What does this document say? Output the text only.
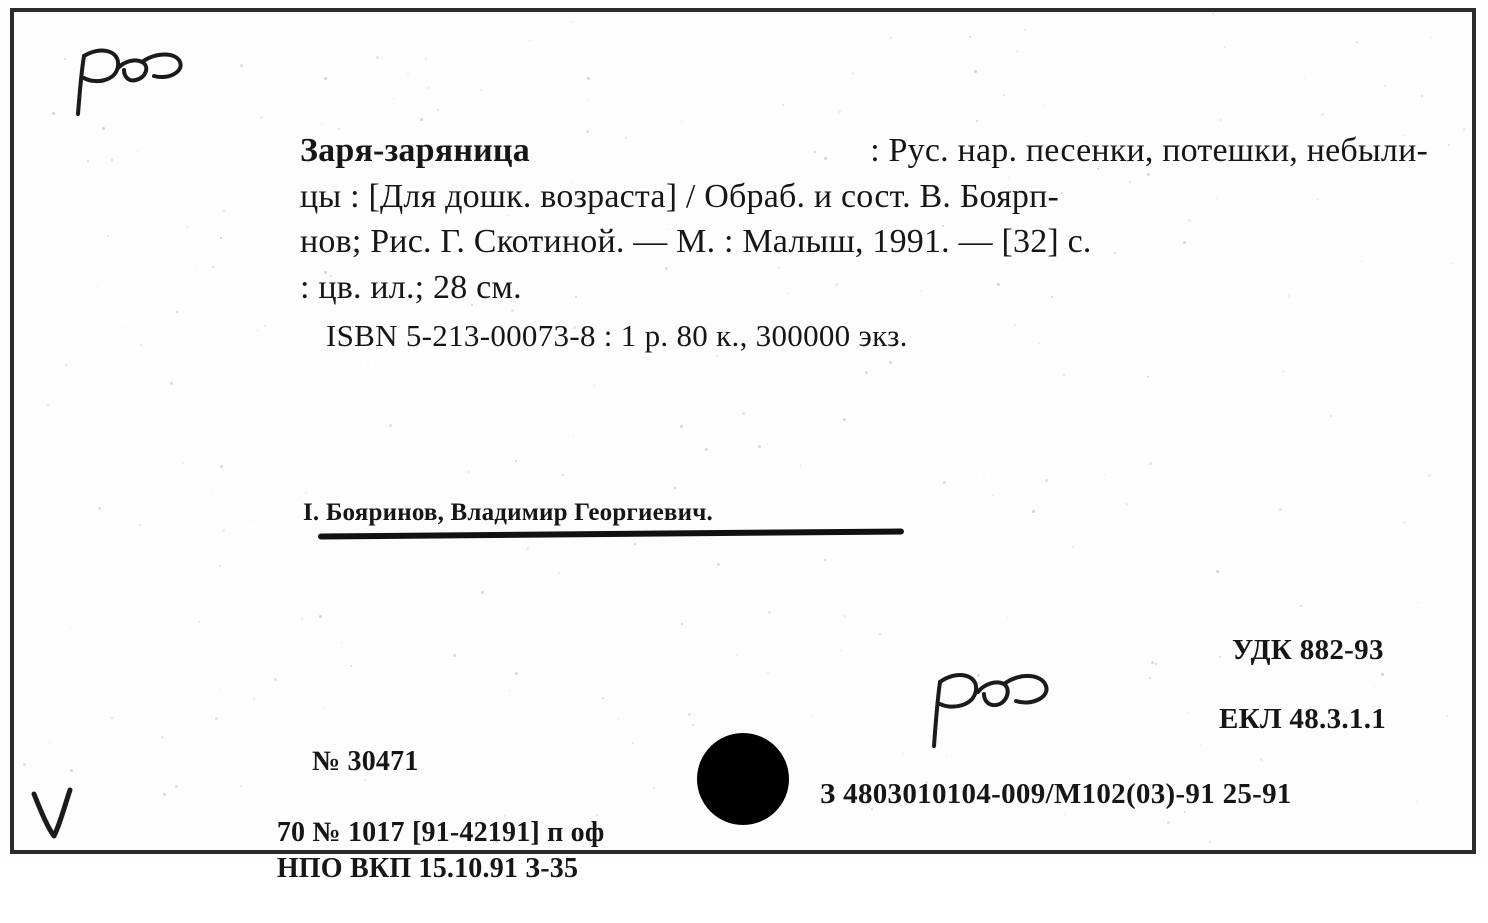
Заря-заряница	: Рус. нар. песенки, потешки, небыли-
цы : [Для дошк. возраста] / Обраб. и сост. В. Боярп-
нов; Рис. Г. Скотиной. — М. : Малыш, 1991. — [32] с.
: цв. ил.; 28 см.
ISBN 5-213-00073-8 : 1 р. 80 к., 300000 экз.
I. Бояринов, Владимир Георгиевич.

№ 30471

70 № 1017 [91-42191] п оф
НПО ВКП 15.10.91 З-35

УДК 882-93
ЕКЛ 48.3.1.1
З 4803010104-009/М102(03)-91 25-91
